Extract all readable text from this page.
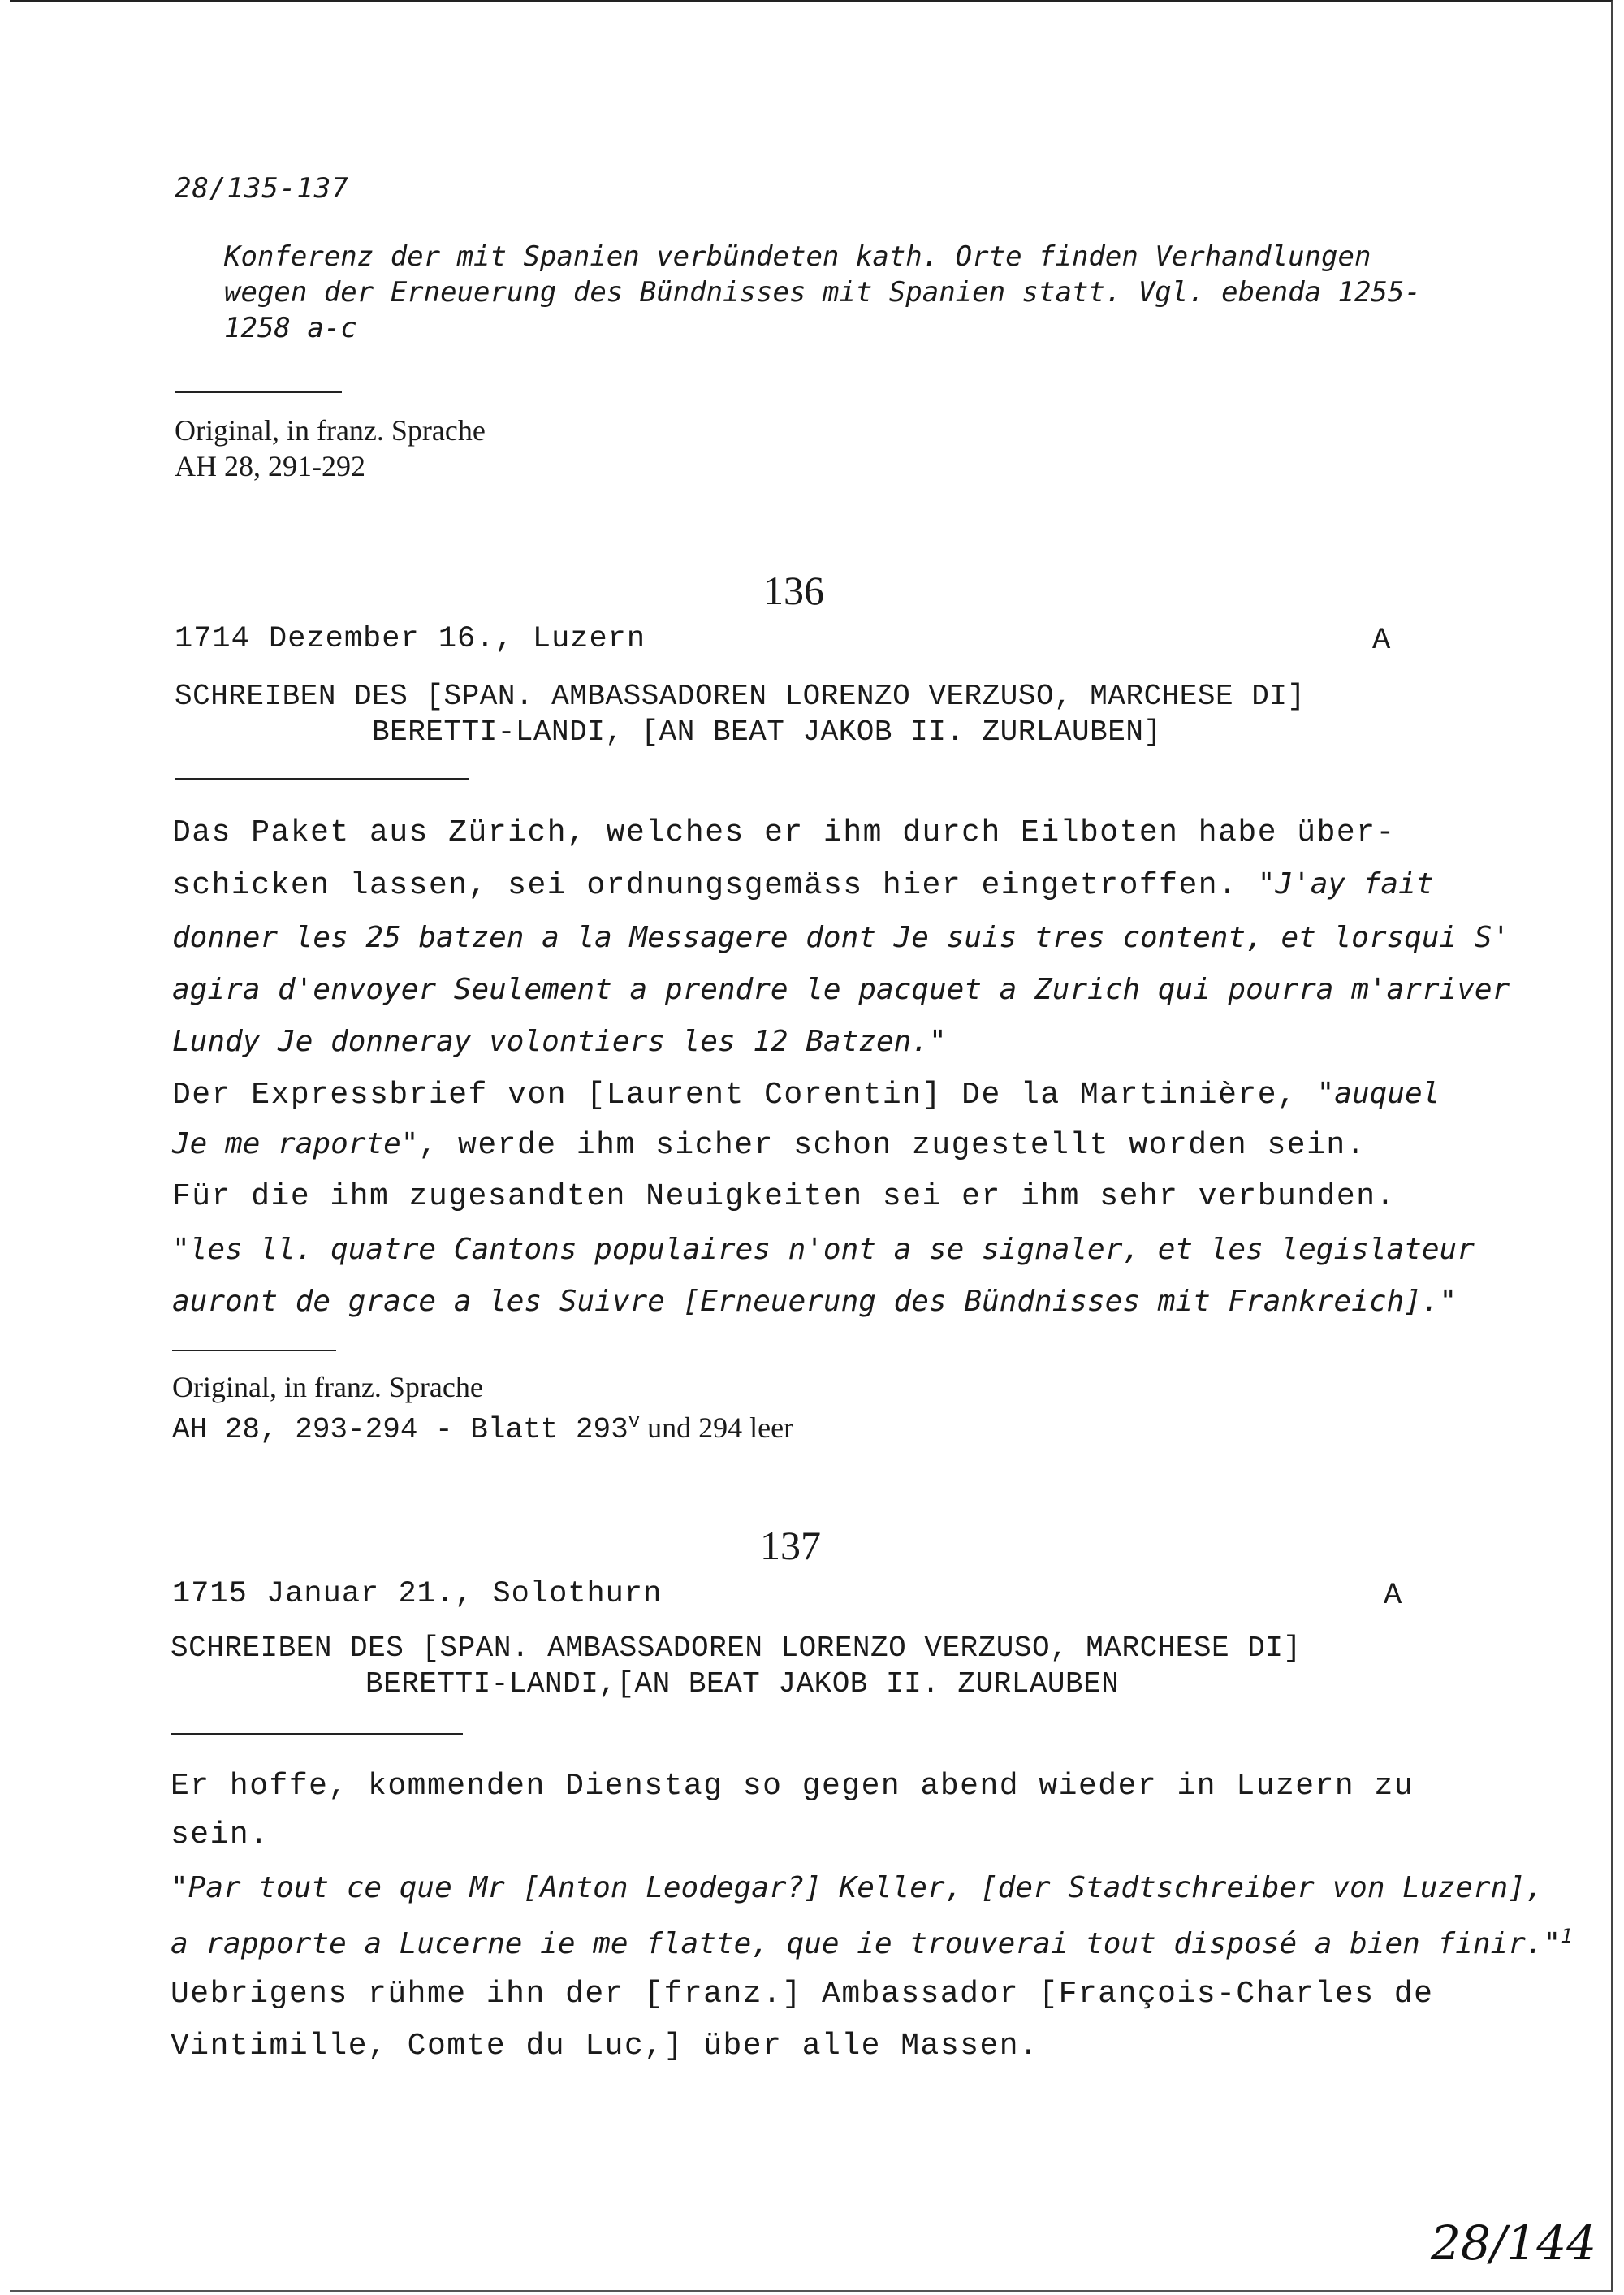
28/135-137
Konferenz der mit Spanien verbündeten kath. Orte finden Verhandlungen wegen der Erneuerung des Bündnisses mit Spanien statt. Vgl. ebenda 1255-1258 a-c
Original, in franz. Sprache
AH 28, 291-292
136
1714 Dezember 16., Luzern	A
SCHREIBEN DES [SPAN. AMBASSADOREN LORENZO VERZUSO, MARCHESE DI]
BERETTI-LANDI, [AN BEAT JAKOB II. ZURLAUBEN]
Das Paket aus Zürich, welches er ihm durch Eilboten habe über-
schicken lassen, sei ordnungsgemäss hier eingetroffen. "J'ay fait
donner les 25 batzen a la Messagere dont Je suis tres content, et lorsqui S'
agira d'envoyer Seulement a prendre le pacquet a Zurich qui pourra m'arriver
Lundy Je donneray volontiers les 12 Batzen."
Der Expressbrief von [Laurent Corentin] De la Martinière, "auquel
Je me raporte", werde ihm sicher schon zugestellt worden sein.
Für die ihm zugesandten Neuigkeiten sei er ihm sehr verbunden.
"les ll. quatre Cantons populaires n'ont a se signaler, et les legislateur
auront de grace a les Suivre [Erneuerung des Bündnisses mit Frankreich]."
Original, in franz. Sprache
AH 28, 293-294 - Blatt 293$^v$ und 294 leer
137
1715 Januar 21., Solothurn	A
SCHREIBEN DES [SPAN. AMBASSADOREN LORENZO VERZUSO, MARCHESE DI]
BERETTI-LANDI,[AN BEAT JAKOB II. ZURLAUBEN
Er hoffe, kommenden Dienstag so gegen abend wieder in Luzern zu
sein.
"Par tout ce que Mr [Anton Leodegar?] Keller, [der Stadtschreiber von Luzern],
a rapporte a Lucerne ie me flatte, que ie trouverai tout disposé a bien finir."$^1$
Uebrigens rühme ihn der [franz.] Ambassador [François-Charles de
Vintimille, Comte du Luc,] über alle Massen.
28/144
